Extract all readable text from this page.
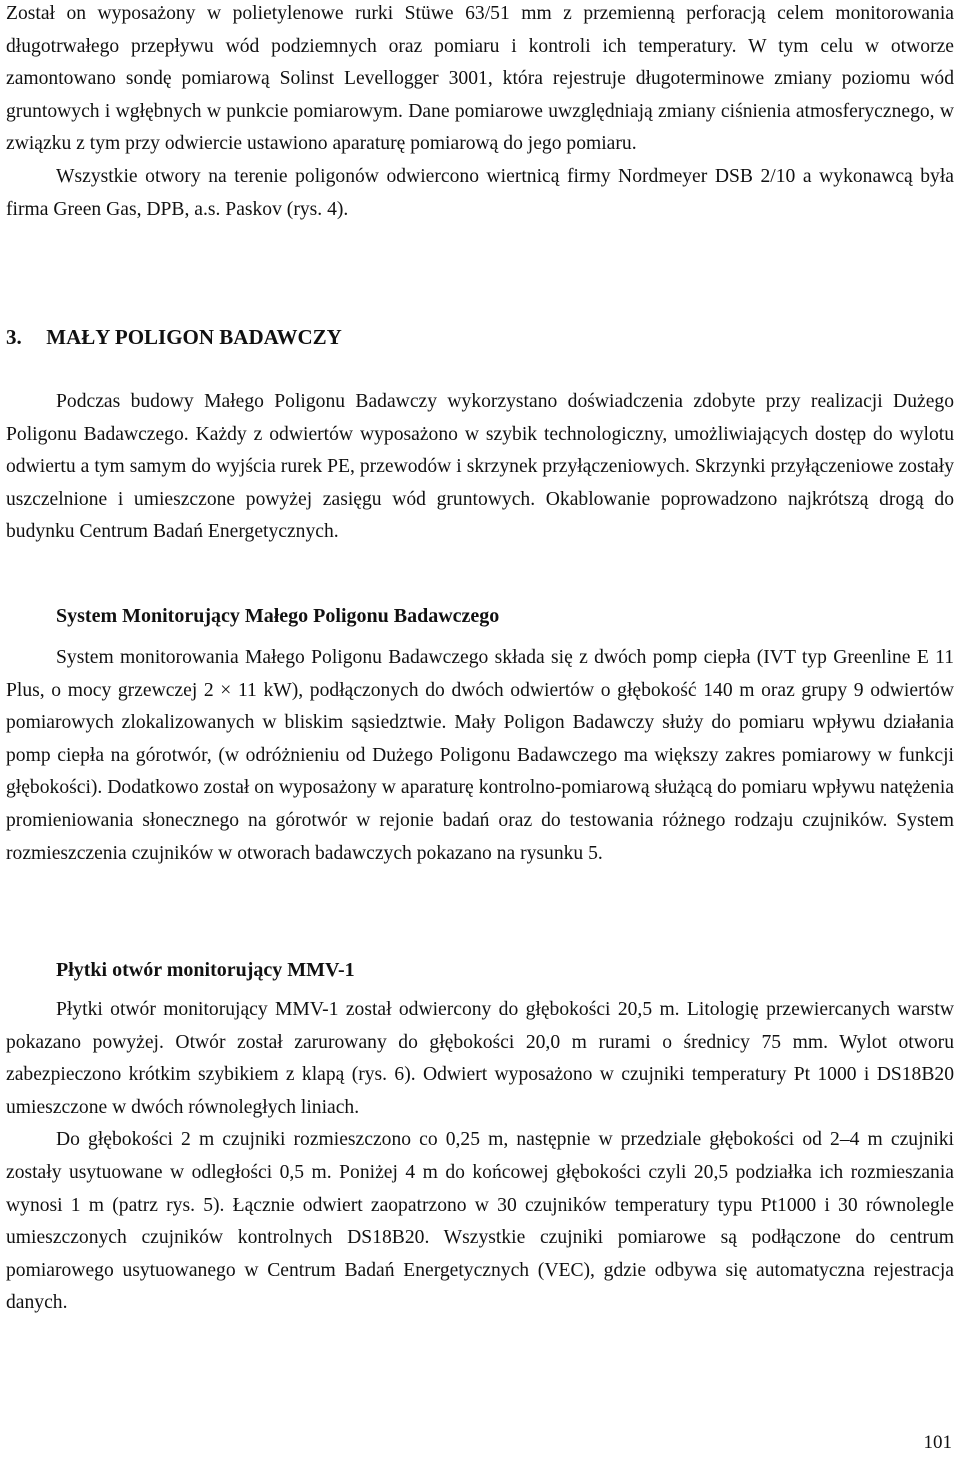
Został on wyposażony w polietylenowe rurki Stüwe 63/51 mm z przemienną perforacją celem monitorowania długotrwałego przepływu wód podziemnych oraz pomiaru i kontroli ich temperatury. W tym celu w otworze zamontowano sondę pomiarową Solinst Levellogger 3001, która rejestruje długoterminowe zmiany poziomu wód gruntowych i wgłębnych w punkcie pomiarowym. Dane pomiarowe uwzględniają zmiany ciśnienia atmosferycznego, w związku z tym przy odwiercie ustawiono aparaturę pomiarową do jego pomiaru.

Wszystkie otwory na terenie poligonów odwiercono wiertnicą firmy Nordmeyer DSB 2/10 a wykonawcą była firma Green Gas, DPB, a.s. Paskov (rys. 4).

3. MAŁY POLIGON BADAWCZY

Podczas budowy Małego Poligonu Badawczy wykorzystano doświadczenia zdobyte przy realizacji Dużego Poligonu Badawczego. Każdy z odwiertów wyposażono w szybik technologiczny, umożliwiających dostęp do wylotu odwiertu a tym samym do wyjścia rurek PE, przewodów i skrzynek przyłączeniowych. Skrzynki przyłączeniowe zostały uszczelnione i umieszczone powyżej zasięgu wód gruntowych. Okablowanie poprowadzono najkrótszą drogą do budynku Centrum Badań Energetycznych.

System Monitorujący Małego Poligonu Badawczego

System monitorowania Małego Poligonu Badawczego składa się z dwóch pomp ciepła (IVT typ Greenline E 11 Plus, o mocy grzewczej 2 × 11 kW), podłączonych do dwóch odwiertów o głębokość 140 m oraz grupy 9 odwiertów pomiarowych zlokalizowanych w bliskim sąsiedztwie. Mały Poligon Badawczy służy do pomiaru wpływu działania pomp ciepła na górotwór, (w odróżnieniu od Dużego Poligonu Badawczego ma większy zakres pomiarowy w funkcji głębokości). Dodatkowo został on wyposażony w aparaturę kontrolno-pomiarową służącą do pomiaru wpływu natężenia promieniowania słonecznego na górotwór w rejonie badań oraz do testowania różnego rodzaju czujników. System rozmieszczenia czujników w otworach badawczych pokazano na rysunku 5.

Płytki otwór monitorujący MMV-1

Płytki otwór monitorujący MMV-1 został odwiercony do głębokości 20,5 m. Litologię przewiercanych warstw pokazano powyżej. Otwór został zarurowany do głębokości 20,0 m rurami o średnicy 75 mm. Wylot otworu zabezpieczono krótkim szybikiem z klapą (rys. 6). Odwiert wyposażono w czujniki temperatury Pt 1000 i DS18B20 umieszczone w dwóch równoległych liniach.

Do głębokości 2 m czujniki rozmieszczono co 0,25 m, następnie w przedziale głębokości od 2–4 m czujniki zostały usytuowane w odległości 0,5 m. Poniżej 4 m do końcowej głębokości czyli 20,5 podziałka ich rozmieszania wynosi 1 m (patrz rys. 5). Łącznie odwiert zaopatrzono w 30 czujników temperatury typu Pt1000 i 30 równolegle umieszczonych czujników kontrolnych DS18B20. Wszystkie czujniki pomiarowe są podłączone do centrum pomiarowego usytuowanego w Centrum Badań Energetycznych (VEC), gdzie odbywa się automatyczna rejestracja danych.

101
